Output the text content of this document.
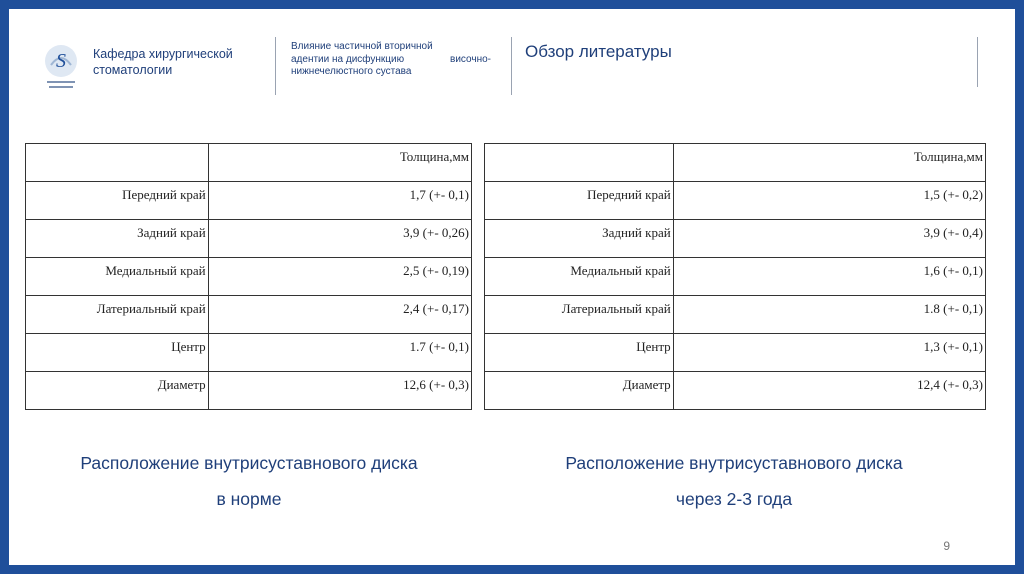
S Кафедра хирургической стоматологии
Влияние частичной вторичной
адентии на дисфункцию	височно-
нижнечелюстного сустава
Обзор литературы
	Толщина,мм
Передний край	1,7 (+- 0,1)
Задний край	3,9 (+- 0,26)
Медиальный край	2,5 (+- 0,19)
Латериальный край	2,4 (+- 0,17)
Центр	1.7 (+- 0,1)
Диаметр	12,6 (+- 0,3)
	Толщина,мм
Передний край	1,5 (+- 0,2)
Задний край	3,9 (+- 0,4)
Медиальный край	1,6 (+- 0,1)
Латериальный край	1.8 (+- 0,1)
Центр	1,3 (+- 0,1)
Диаметр	12,4 (+- 0,3)
Расположение внутрисуставнового диска
в норме
Расположение внутрисуставнового диска
через 2-3 года
9
